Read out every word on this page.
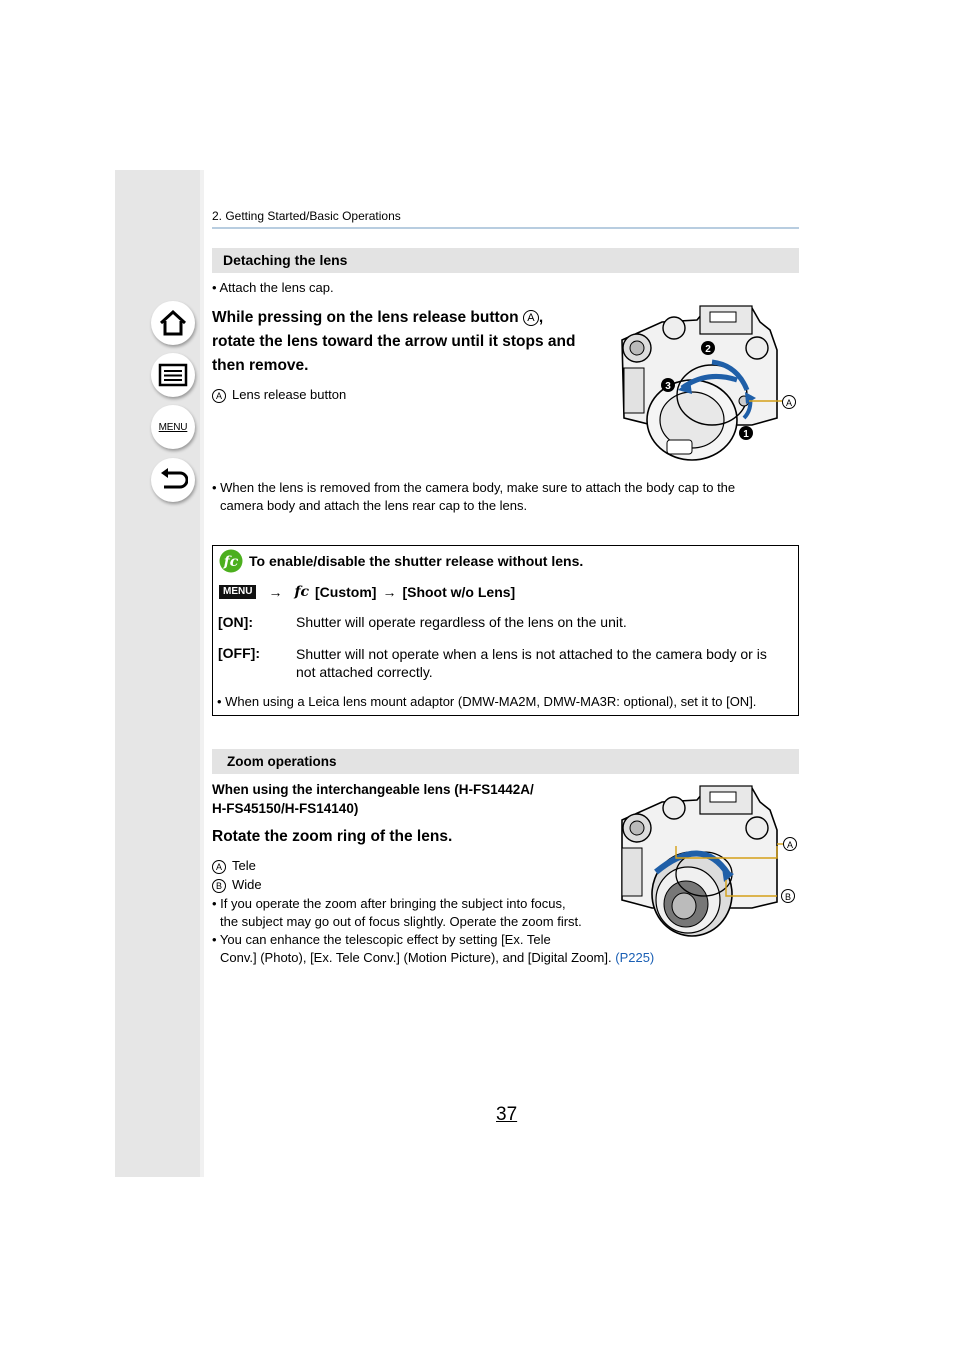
MENU
2. Getting Started/Basic Operations
Detaching the lens
• Attach the lens cap.
While pressing on the lens release button A ,
rotate the lens toward the arrow until it stops and
then remove.
A Lens release button
2
3
1
A
• When the lens is removed from the camera body, make sure to attach the body cap to the
camera body and attach the lens rear cap to the lens.
fc To enable/disable the shutter release without lens.
MENU → fc [Custom] → [Shoot w/o Lens]
[ON]:	Shutter will operate regardless of the lens on the unit.
[OFF]:	Shutter will not operate when a lens is not attached to the camera body or is
not attached correctly.
• When using a Leica lens mount adaptor (DMW-MA2M, DMW-MA3R: optional), set it to [ON].
Zoom operations
When using the interchangeable lens (H-FS1442A/
H-FS45150/H-FS14140)
Rotate the zoom ring of the lens.
A Tele
B Wide
• If you operate the zoom after bringing the subject into focus,
the subject may go out of focus slightly. Operate the zoom first.
• You can enhance the telescopic effect by setting [Ex. Tele
Conv.] (Photo), [Ex. Tele Conv.] (Motion Picture), and [Digital Zoom]. (P225)
A
B
37
